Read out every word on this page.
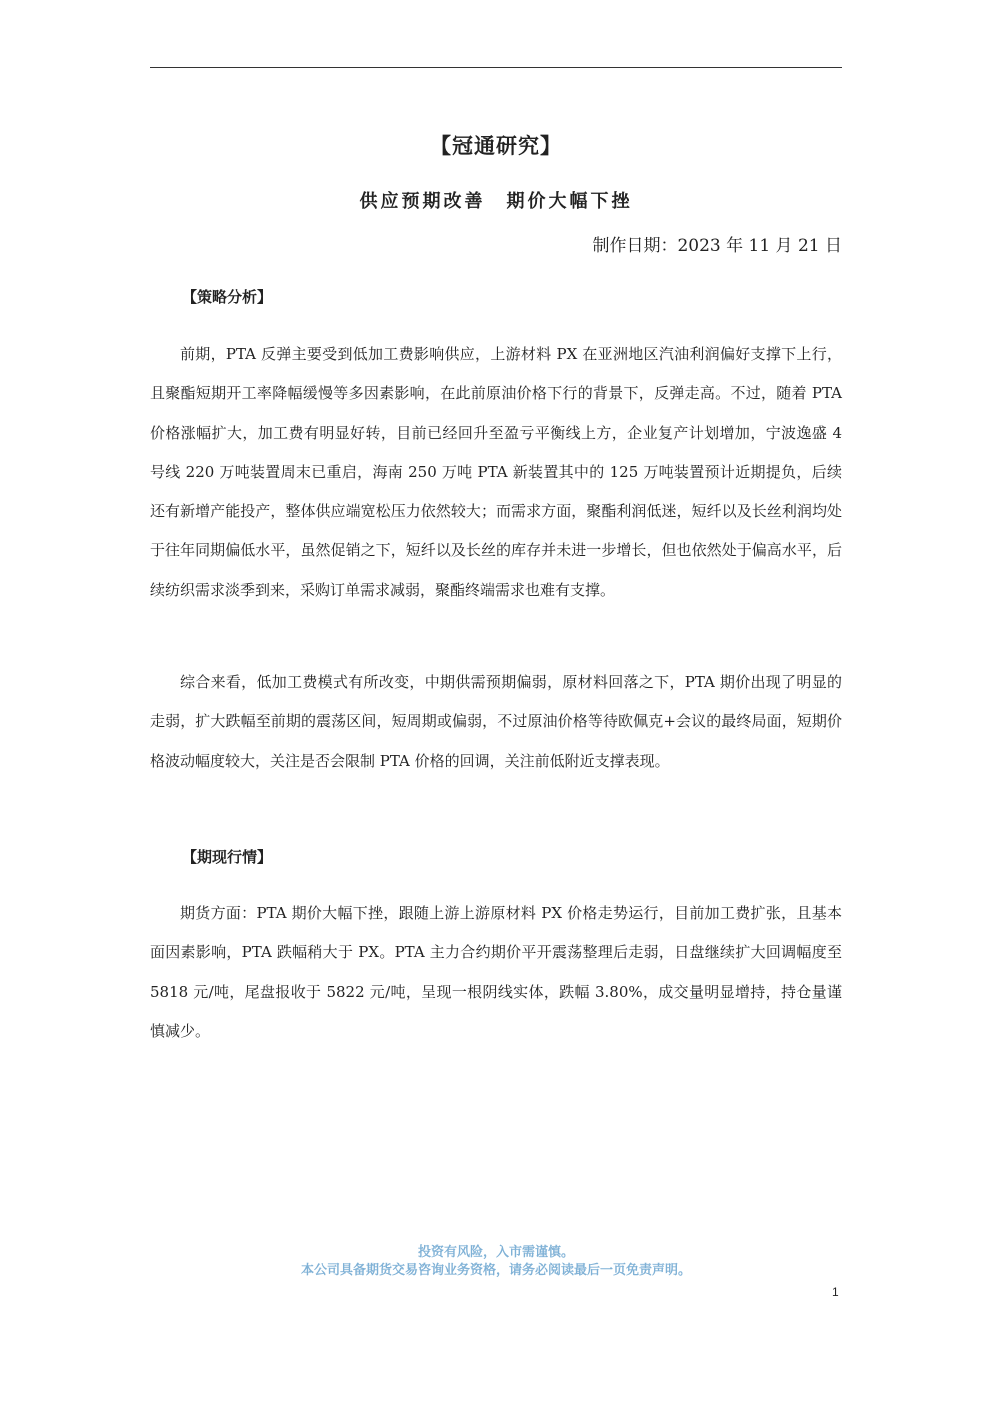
【冠通研究】
供应预期改善　期价大幅下挫
制作日期：2023 年 11 月 21 日
【策略分析】

前期，PTA 反弹主要受到低加工费影响供应，上游材料 PX 在亚洲地区汽油利润偏好支撑下上行，且聚酯短期开工率降幅缓慢等多因素影响，在此前原油价格下行的背景下，反弹走高。不过，随着 PTA 价格涨幅扩大，加工费有明显好转，目前已经回升至盈亏平衡线上方，企业复产计划增加，宁波逸盛 4 号线 220 万吨装置周末已重启，海南 250 万吨 PTA 新装置其中的 125 万吨装置预计近期提负，后续还有新增产能投产，整体供应端宽松压力依然较大；而需求方面，聚酯利润低迷，短纤以及长丝利润均处于往年同期偏低水平，虽然促销之下，短纤以及长丝的库存并未进一步增长，但也依然处于偏高水平，后续纺织需求淡季到来，采购订单需求减弱，聚酯终端需求也难有支撑。

综合来看，低加工费模式有所改变，中期供需预期偏弱，原材料回落之下，PTA 期价出现了明显的走弱，扩大跌幅至前期的震荡区间，短周期或偏弱，不过原油价格等待欧佩克+会议的最终局面，短期价格波动幅度较大，关注是否会限制 PTA 价格的回调，关注前低附近支撑表现。

【期现行情】

期货方面：PTA 期价大幅下挫，跟随上游上游原材料 PX 价格走势运行，目前加工费扩张，且基本面因素影响，PTA 跌幅稍大于 PX。PTA 主力合约期价平开震荡整理后走弱，日盘继续扩大回调幅度至 5818 元/吨，尾盘报收于 5822 元/吨，呈现一根阴线实体，跌幅 3.80%，成交量明显增持，持仓量谨慎减少。

投资有风险，入市需谨慎。
本公司具备期货交易咨询业务资格，请务必阅读最后一页免责声明。
1
